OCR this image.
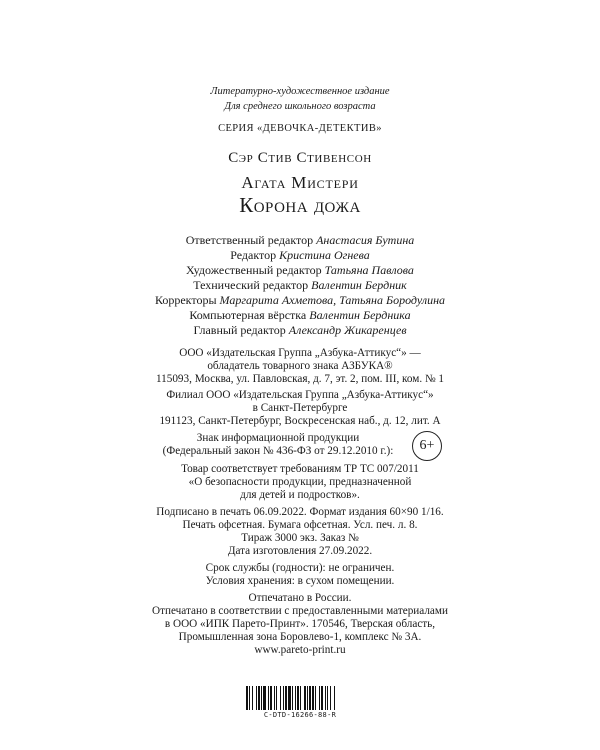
Литературно-художественное издание
Для среднего школьного возраста
СЕРИЯ «ДЕВОЧКА-ДЕТЕКТИВ»
Сэр Стив Стивенсон
Агата Мистери
Корона дожа
Ответственный редактор Анастасия Бутина
Редактор Кристина Огнева
Художественный редактор Татьяна Павлова
Технический редактор Валентин Бердник
Корректоры Маргарита Ахметова, Татьяна Бородулина
Компьютерная вёрстка Валентин Бердника
Главный редактор Александр Жикаренцев
ООО «Издательская Группа „Азбука-Аттикус“» —
обладатель товарного знака АЗБУКА®
115093, Москва, ул. Павловская, д. 7, эт. 2, пом. III, ком. № 1
Филиал ООО «Издательская Группа „Азбука-Аттикус“»
в Санкт-Петербурге
191123, Санкт-Петербург, Воскресенская наб., д. 12, лит. А
Знак информационной продукции
(Федеральный закон № 436-ФЗ от 29.12.2010 г.):	6+
Товар соответствует требованиям ТР ТС 007/2011
«О безопасности продукции, предназначенной
для детей и подростков».
Подписано в печать 06.09.2022. Формат издания 60×90 1/16.
Печать офсетная. Бумага офсетная. Усл. печ. л. 8.
Тираж 3000 экз. Заказ №
Дата изготовления 27.09.2022.
Срок службы (годности): не ограничен.
Условия хранения: в сухом помещении.
Отпечатано в России.
Отпечатано в соответствии с предоставленными материалами
в ООО «ИПК Парето-Принт». 170546, Тверская область,
Промышленная зона Боровлево-1, комплекс № 3А.
www.pareto-print.ru
C-DTD-16266-88-R
